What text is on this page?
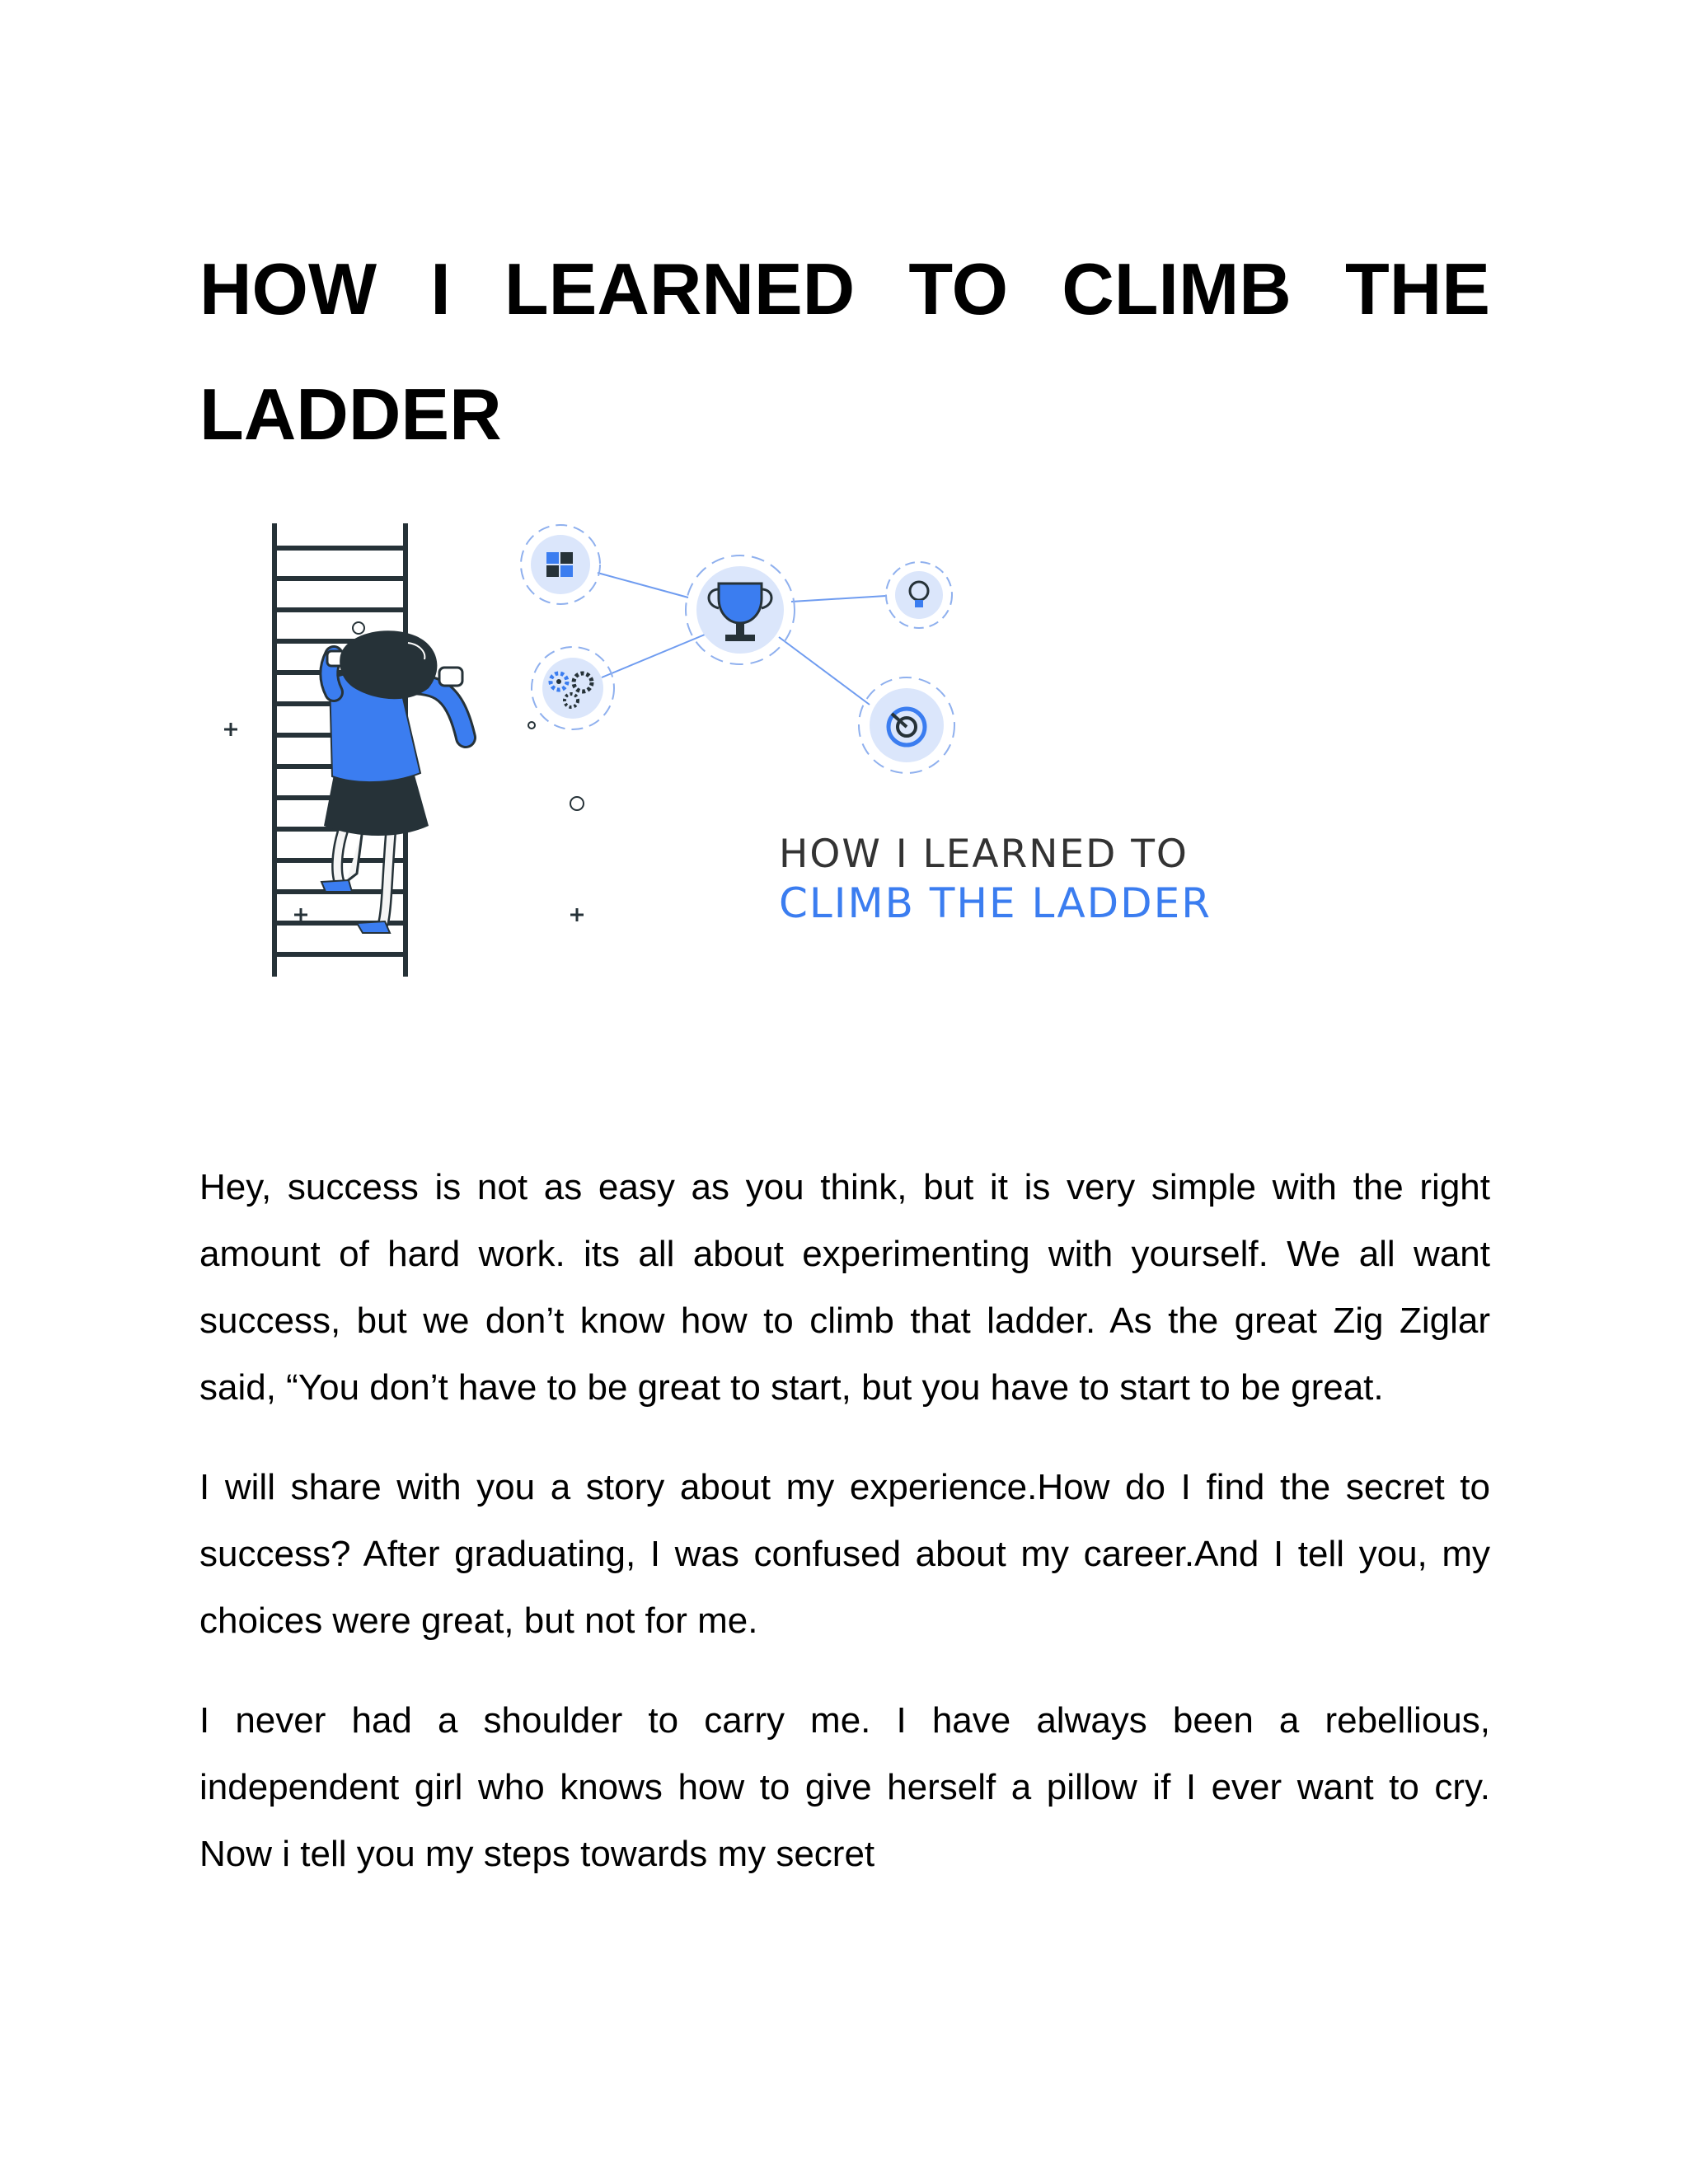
HOW I LEARNED TO CLIMB THE LADDER
HOW I LEARNED TO
CLIMB THE LADDER

Hey, success is not as easy as you think, but it is very simple with the right amount of hard work. its all about experimenting with yourself. We all want success, but we don’t know how to climb that ladder. As the great Zig Ziglar said, “You don’t have to be great to start, but you have to start to be great.

I will share with you a story about my experience.How do I find the secret to success? After graduating, I was confused about my career.And I tell you, my choices were great, but not for me.

I never had a shoulder to carry me. I have always been a rebellious, independent girl who knows how to give herself a pillow if I ever want to cry. Now i tell you my steps towards my secret
